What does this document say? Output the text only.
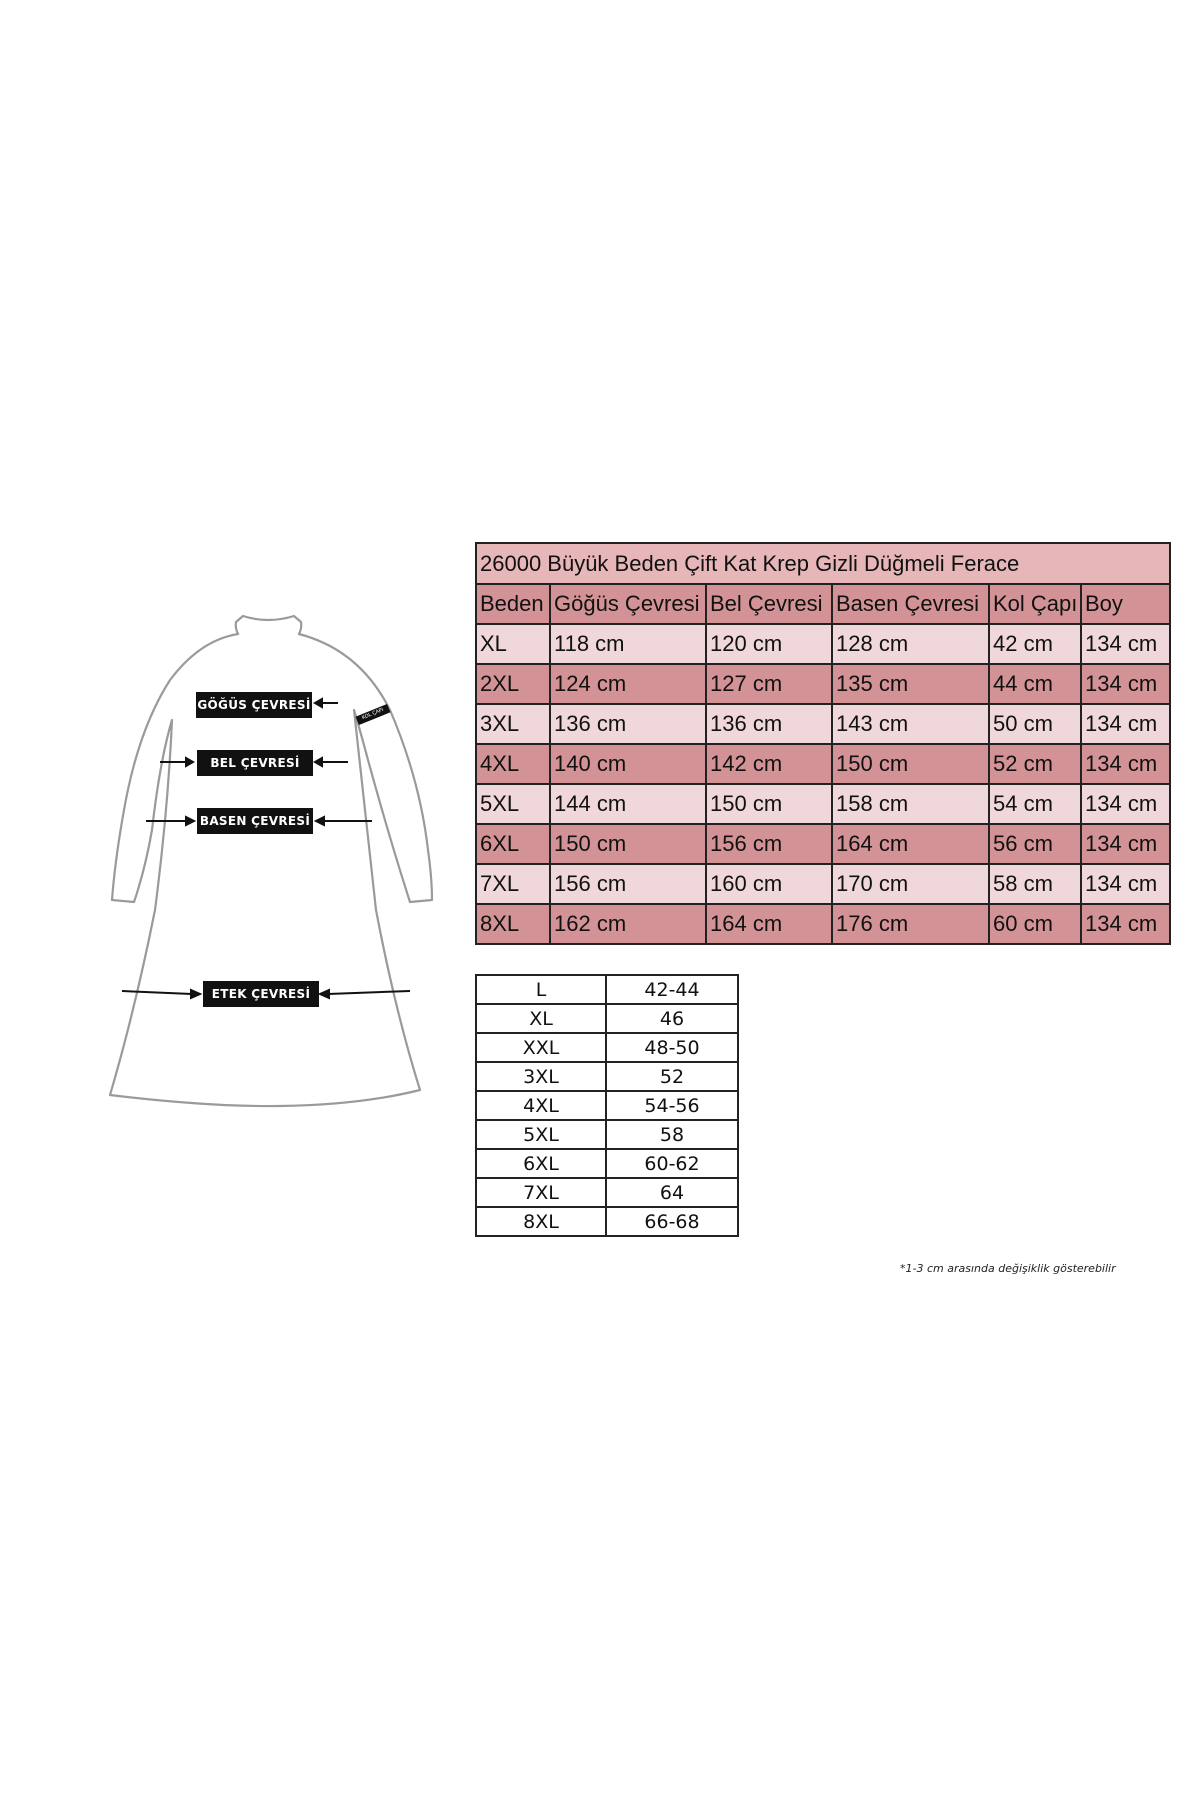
GÖĞÜS ÇEVRESİ
BEL ÇEVRESİ
BASEN ÇEVRESİ
ETEK ÇEVRESİ
KOL ÇAPI
26000 Büyük Beden Çift Kat Krep Gizli Düğmeli Ferace					
Beden	Göğüs Çevresi	Bel Çevresi	Basen Çevresi	Kol Çapı	Boy
XL	118 cm	120 cm	128 cm	42 cm	134 cm
2XL	124 cm	127 cm	135 cm	44 cm	134 cm
3XL	136 cm	136 cm	143 cm	50 cm	134 cm
4XL	140 cm	142 cm	150 cm	52 cm	134 cm
5XL	144 cm	150 cm	158 cm	54 cm	134 cm
6XL	150 cm	156 cm	164 cm	56 cm	134 cm
7XL	156 cm	160 cm	170 cm	58 cm	134 cm
8XL	162 cm	164 cm	176 cm	60 cm	134 cm
L	42-44
XL	46
XXL	48-50
3XL	52
4XL	54-56
5XL	58
6XL	60-62
7XL	64
8XL	66-68
*1-3 cm arasında değişiklik gösterebilir
